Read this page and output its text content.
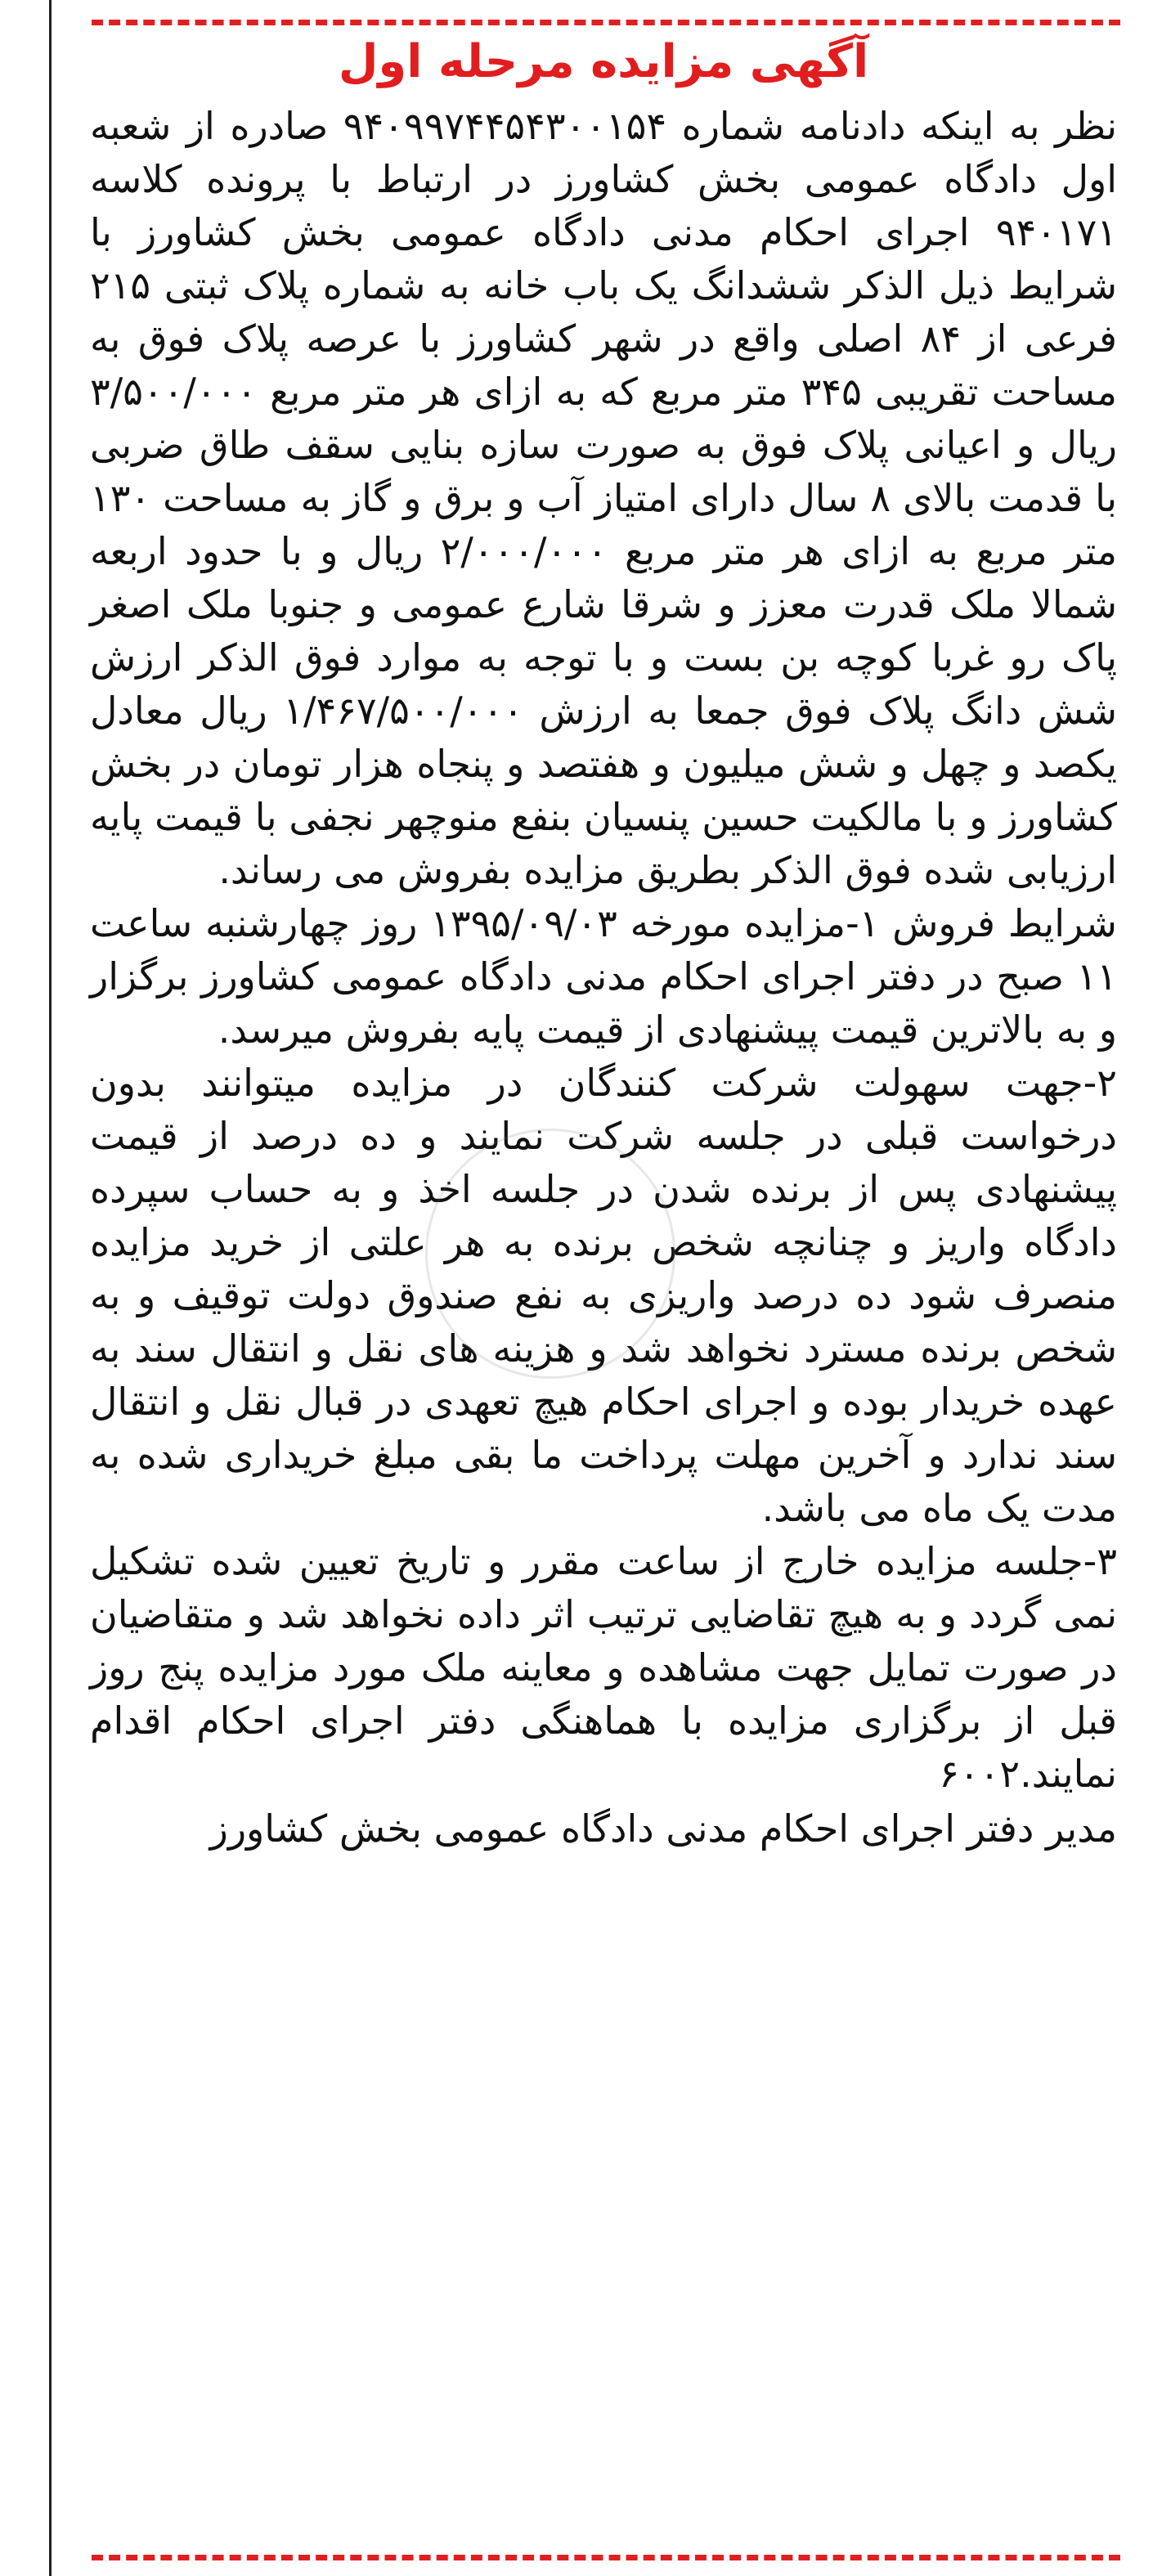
آگهی مزایده مرحله اول

نظر به اینکه دادنامه شماره ۹۴۰۹۹۷۴۴۵۴۳۰۰۱۵۴ صادره از شعبه اول دادگاه عمومی بخش کشاورز در ارتباط با پرونده کلاسه ۹۴۰۱۷۱ اجرای احکام مدنی دادگاه عمومی بخش کشاورز با شرایط ذیل الذکر ششدانگ یک باب خانه به شماره پلاک ثبتی ۲۱۵ فرعی از ۸۴ اصلی واقع در شهر کشاورز با عرصه پلاک فوق به مساحت تقریبی ۳۴۵ متر مربع که به ازای هر متر مربع ۳/۵۰۰/۰۰۰ ریال و اعیانی پلاک فوق به صورت سازه بنایی سقف طاق ضربی با قدمت بالای ۸ سال دارای امتیاز آب و برق و گاز به مساحت ۱۳۰ متر مربع به ازای هر متر مربع ۲/۰۰۰/۰۰۰ ریال و با حدود اربعه شمالا ملک قدرت معزز و شرقا شارع عمومی و جنوبا ملک اصغر پاک رو غربا کوچه بن بست و با توجه به موارد فوق الذکر ارزش شش دانگ پلاک فوق جمعا به ارزش ۱/۴۶۷/۵۰۰/۰۰۰ ریال معادل یکصد و چهل و شش میلیون و هفتصد و پنجاه هزار تومان در بخش کشاورز و با مالکیت حسین پنسیان بنفع منوچهر نجفی با قیمت پایه ارزیابی شده فوق الذکر بطریق مزایده بفروش می رساند.

شرایط فروش ۱-مزایده مورخه ۱۳۹۵/۰۹/۰۳ روز چهارشنبه ساعت ۱۱ صبح در دفتر اجرای احکام مدنی دادگاه عمومی کشاورز برگزار و به بالاترین قیمت پیشنهادی از قیمت پایه بفروش میرسد.

۲-جهت سهولت شرکت کنندگان در مزایده میتوانند بدون درخواست قبلی در جلسه شرکت نمایند و ده درصد از قیمت پیشنهادی پس از برنده شدن در جلسه اخذ و به حساب سپرده دادگاه واریز و چنانچه شخص برنده به هر علتی از خرید مزایده منصرف شود ده درصد واریزی به نفع صندوق دولت توقیف و به شخص برنده مسترد نخواهد شد و هزینه های نقل و انتقال سند به عهده خریدار بوده و اجرای احکام هیچ تعهدی در قبال نقل و انتقال سند ندارد و آخرین مهلت پرداخت ما بقی مبلغ خریداری شده به مدت یک ماه می باشد.

۳-جلسه مزایده خارج از ساعت مقرر و تاریخ تعیین شده تشکیل نمی گردد و به هیچ تقاضایی ترتیب اثر داده نخواهد شد و متقاضیان در صورت تمایل جهت مشاهده و معاینه ملک مورد مزایده پنج روز قبل از برگزاری مزایده با هماهنگی دفتر اجرای احکام اقدام نمایند.۶۰۰۲

مدیر دفتر اجرای احکام مدنی دادگاه عمومی بخش کشاورز
